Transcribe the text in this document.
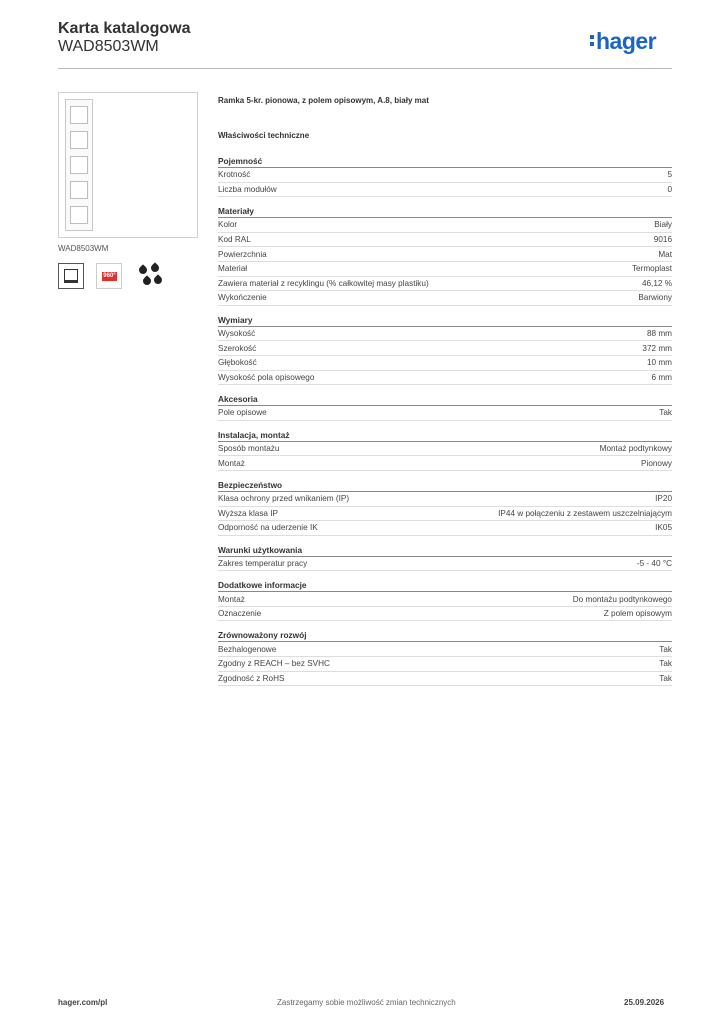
Karta katalogowa
WAD8503WM	hager
WAD8503WM
960°
Ramka 5-kr. pionowa, z polem opisowym, A.8, biały mat
Właściwości techniczne
Pojemność
Krotność	5
Liczba modułów	0
Materiały
Kolor	Biały
Kod RAL	9016
Powierzchnia	Mat
Materiał	Termoplast
Zawiera materiał z recyklingu (% całkowitej masy plastiku)	46,12 %
Wykończenie	Barwiony
Wymiary
Wysokość	88 mm
Szerokość	372 mm
Głębokość	10 mm
Wysokość pola opisowego	6 mm
Akcesoria
Pole opisowe	Tak
Instalacja, montaż
Sposób montażu	Montaż podtynkowy
Montaż	Pionowy
Bezpieczeństwo
Klasa ochrony przed wnikaniem (IP)	IP20
Wyższa klasa IP	IP44 w połączeniu z zestawem uszczelniającym
Odporność na uderzenie IK	IK05
Warunki użytkowania
Zakres temperatur pracy	-5 - 40 °C
Dodatkowe informacje
Montaż	Do montażu podtynkowego
Oznaczenie	Z polem opisowym
Zrównoważony rozwój
Bezhalogenowe	Tak
Zgodny z REACH – bez SVHC	Tak
Zgodność z RoHS	Tak
hager.com/pl	Zastrzegamy sobie możliwość zmian technicznych	25.09.2026
